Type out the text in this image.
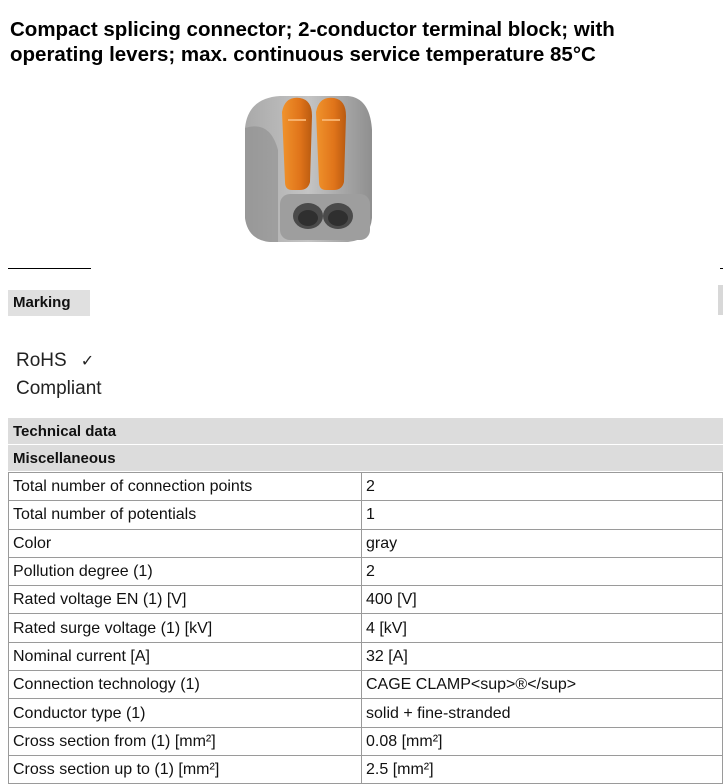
Compact splicing connector; 2-conductor terminal block; with operating levers; max. continuous service temperature 85°C
Marking
RoHS ✓
Compliant
Technical data
Miscellaneous
Total number of connection points	2
Total number of potentials	1
Color	gray
Pollution degree (1)	2
Rated voltage EN (1) [V]	400 [V]
Rated surge voltage (1) [kV]	4 [kV]
Nominal current [A]	32 [A]
Connection technology (1)	CAGE CLAMP<sup>®</sup>
Conductor type (1)	solid + fine-stranded
Cross section from (1) [mm²]	0.08 [mm²]
Cross section up to (1) [mm²]	2.5 [mm²]
